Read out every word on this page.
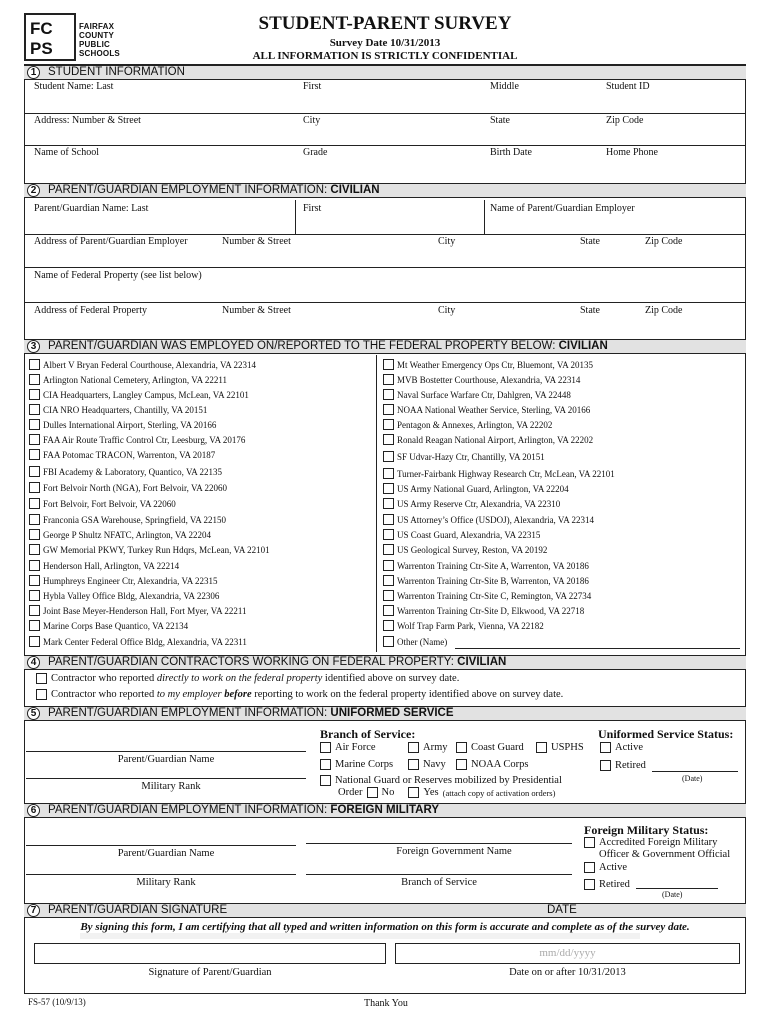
FC
PS
FAIRFAX
COUNTY
PUBLIC
SCHOOLS
STUDENT-PARENT SURVEY
Survey Date 10/31/2013
ALL INFORMATION IS STRICTLY CONFIDENTIAL
1	STUDENT INFORMATION
Student Name: Last	First	Middle	Student ID
Address: Number & Street	City	State	Zip Code
Name of School	Grade	Birth Date	Home Phone
2	PARENT/GUARDIAN EMPLOYMENT INFORMATION: CIVILIAN
Parent/Guardian Name: Last	First	Name of Parent/Guardian Employer
Address of Parent/Guardian Employer	Number & Street	City	State	Zip Code
Name of Federal Property (see list below)
Address of Federal Property	Number & Street	City	State	Zip Code
3	PARENT/GUARDIAN WAS EMPLOYED ON/REPORTED TO THE FEDERAL PROPERTY BELOW: CIVILIAN
Albert V Bryan Federal Courthouse, Alexandria, VA 22314
Arlington National Cemetery, Arlington, VA 22211
CIA Headquarters, Langley Campus, McLean, VA 22101
CIA NRO Headquarters, Chantilly, VA 20151
Dulles International Airport, Sterling, VA 20166
FAA Air Route Traffic Control Ctr, Leesburg, VA 20176
FAA Potomac TRACON, Warrenton, VA 20187
FBI Academy & Laboratory, Quantico, VA 22135
Fort Belvoir North (NGA), Fort Belvoir, VA 22060
Fort Belvoir, Fort Belvoir, VA 22060
Franconia GSA Warehouse, Springfield, VA 22150
George P Shultz NFATC, Arlington, VA 22204
GW Memorial PKWY, Turkey Run Hdqrs, McLean, VA 22101
Henderson Hall, Arlington, VA 22214
Humphreys Engineer Ctr, Alexandria, VA 22315
Hybla Valley Office Bldg, Alexandria, VA 22306
Joint Base Meyer-Henderson Hall, Fort Myer, VA 22211
Marine Corps Base Quantico, VA 22134
Mark Center Federal Office Bldg, Alexandria, VA 22311
Mt Weather Emergency Ops Ctr, Bluemont, VA 20135
MVB Bostetter Courthouse, Alexandria, VA 22314
Naval Surface Warfare Ctr, Dahlgren, VA 22448
NOAA National Weather Service, Sterling, VA 20166
Pentagon & Annexes, Arlington, VA 22202
Ronald Reagan National Airport, Arlington, VA 22202
SF Udvar-Hazy Ctr, Chantilly, VA 20151
Turner-Fairbank Highway Research Ctr, McLean, VA 22101
US Army National Guard, Arlington, VA 22204
US Army Reserve Ctr, Alexandria, VA 22310
US Attorney’s Office (USDOJ), Alexandria, VA 22314
US Coast Guard, Alexandria, VA 22315
US Geological Survey, Reston, VA 20192
Warrenton Training Ctr-Site A, Warrenton, VA 20186
Warrenton Training Ctr-Site B, Warrenton, VA 20186
Warrenton Training Ctr-Site C, Remington, VA 22734
Warrenton Training Ctr-Site D, Elkwood, VA 22718
Wolf Trap Farm Park, Vienna, VA 22182
Other (Name)
4	PARENT/GUARDIAN CONTRACTORS WORKING ON FEDERAL PROPERTY: CIVILIAN
Contractor who reported directly to work on the federal property identified above on survey date.
Contractor who reported to my employer before reporting to work on the federal property identified above on survey date.
5	PARENT/GUARDIAN EMPLOYMENT INFORMATION: UNIFORMED SERVICE
Parent/Guardian Name
Military Rank
Branch of Service:
Air Force	Army Coast Guard	USPHS
Marine Corps	Navy NOAA Corps
National Guard or Reserves mobilized by Presidential
Order No	Yes (attach copy of activation orders)
Uniformed Service Status:
Active
Retired
(Date)
6	PARENT/GUARDIAN EMPLOYMENT INFORMATION: FOREIGN MILITARY
Parent/Guardian Name	Foreign Government Name
Military Rank	Branch of Service
Foreign Military Status:
Accredited Foreign Military
Officer & Government Official
Active
Retired
(Date)
7	PARENT/GUARDIAN SIGNATURE	DATE
By signing this form, I am certifying that all typed and written information on this form is accurate and complete as of the survey date.
mm/dd/yyyy
Signature of Parent/Guardian	Date on or after 10/31/2013
FS-57 (10/9/13)	Thank You
